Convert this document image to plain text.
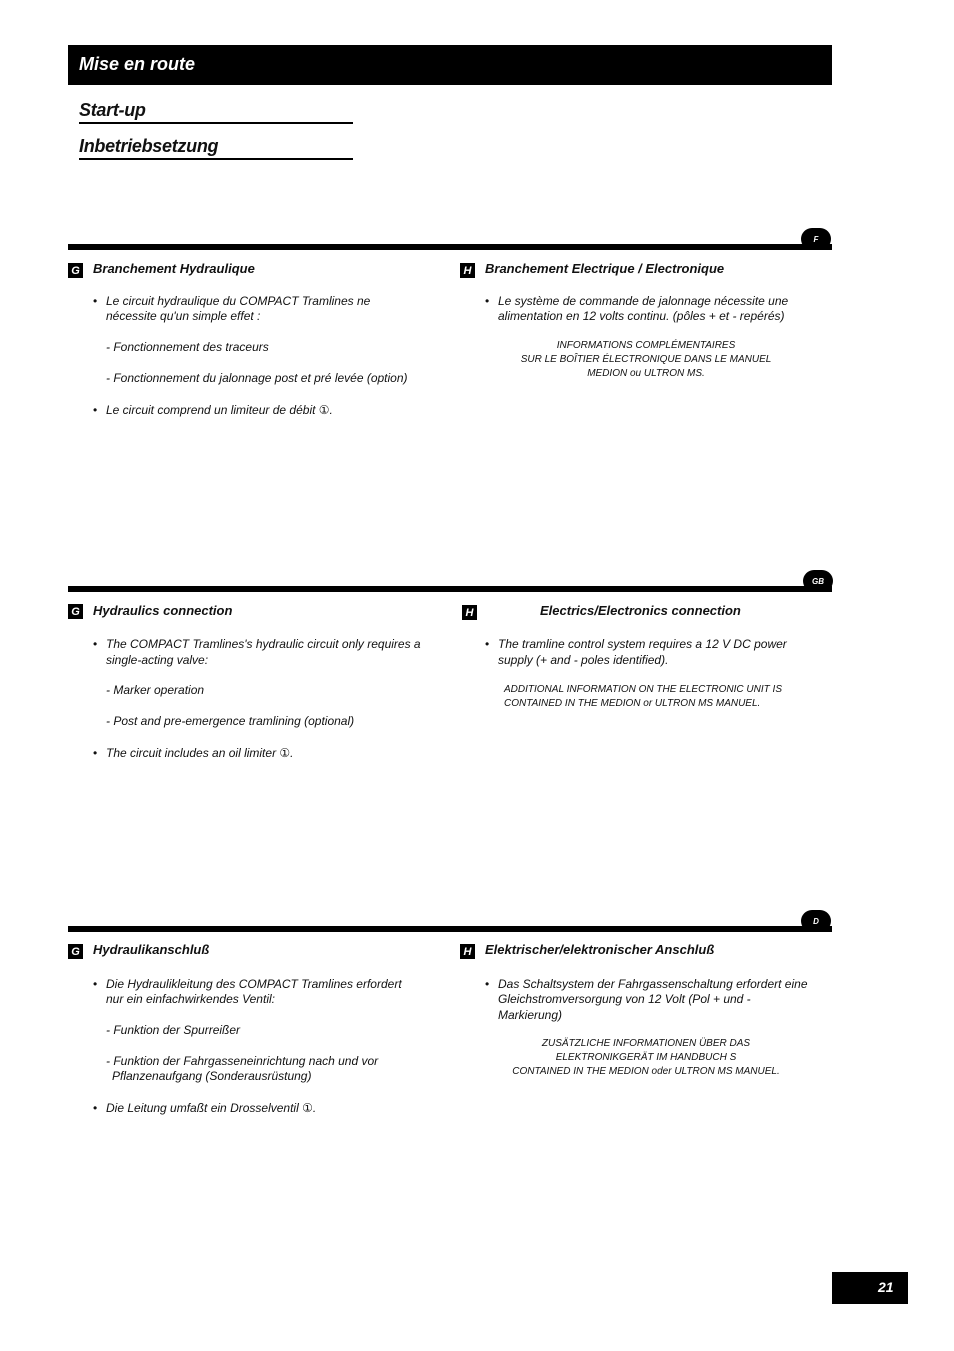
Mise en route
Start-up
Inbetriebsetzung
F
G Branchement Hydraulique
• Le circuit hydraulique du COMPACT Tramlines ne
nécessite qu'un simple effet :
- Fonctionnement des traceurs
- Fonctionnement du jalonnage post et pré levée (option)
• Le circuit comprend un limiteur de débit ①.
H Branchement Electrique / Electronique
• Le système de commande de jalonnage nécessite une
alimentation en 12 volts continu. (pôles + et - repérés)
INFORMATIONS COMPLÉMENTAIRES
SUR LE BOÎTIER ÉLECTRONIQUE DANS LE MANUEL
MEDION ou ULTRON MS.
GB
G Hydraulics connection
• The COMPACT Tramlines's hydraulic circuit only requires a
single-acting valve:
- Marker operation
- Post and pre-emergence tramlining (optional)
• The circuit includes an oil limiter ①.
H	Electrics/Electronics connection
• The tramline control system requires a 12 V DC power
supply (+ and - poles identified).
ADDITIONAL INFORMATION ON THE ELECTRONIC UNIT IS
CONTAINED IN THE MEDION or ULTRON MS MANUEL.
D
G Hydraulikanschluß
• Die Hydraulikleitung des COMPACT Tramlines erfordert
nur ein einfachwirkendes Ventil:
- Funktion der Spurreißer
- Funktion der Fahrgasseneinrichtung nach und vor
Pflanzenaufgang (Sonderausrüstung)
• Die Leitung umfaßt ein Drosselventil ①.
H Elektrischer/elektronischer Anschluß
• Das Schaltsystem der Fahrgassenschaltung erfordert eine
Gleichstromversorgung von 12 Volt (Pol + und -
Markierung)
ZUSÄTZLICHE INFORMATIONEN ÜBER DAS
ELEKTRONIKGERÄT IM HANDBUCH S
CONTAINED IN THE MEDION oder ULTRON MS MANUEL.
21
